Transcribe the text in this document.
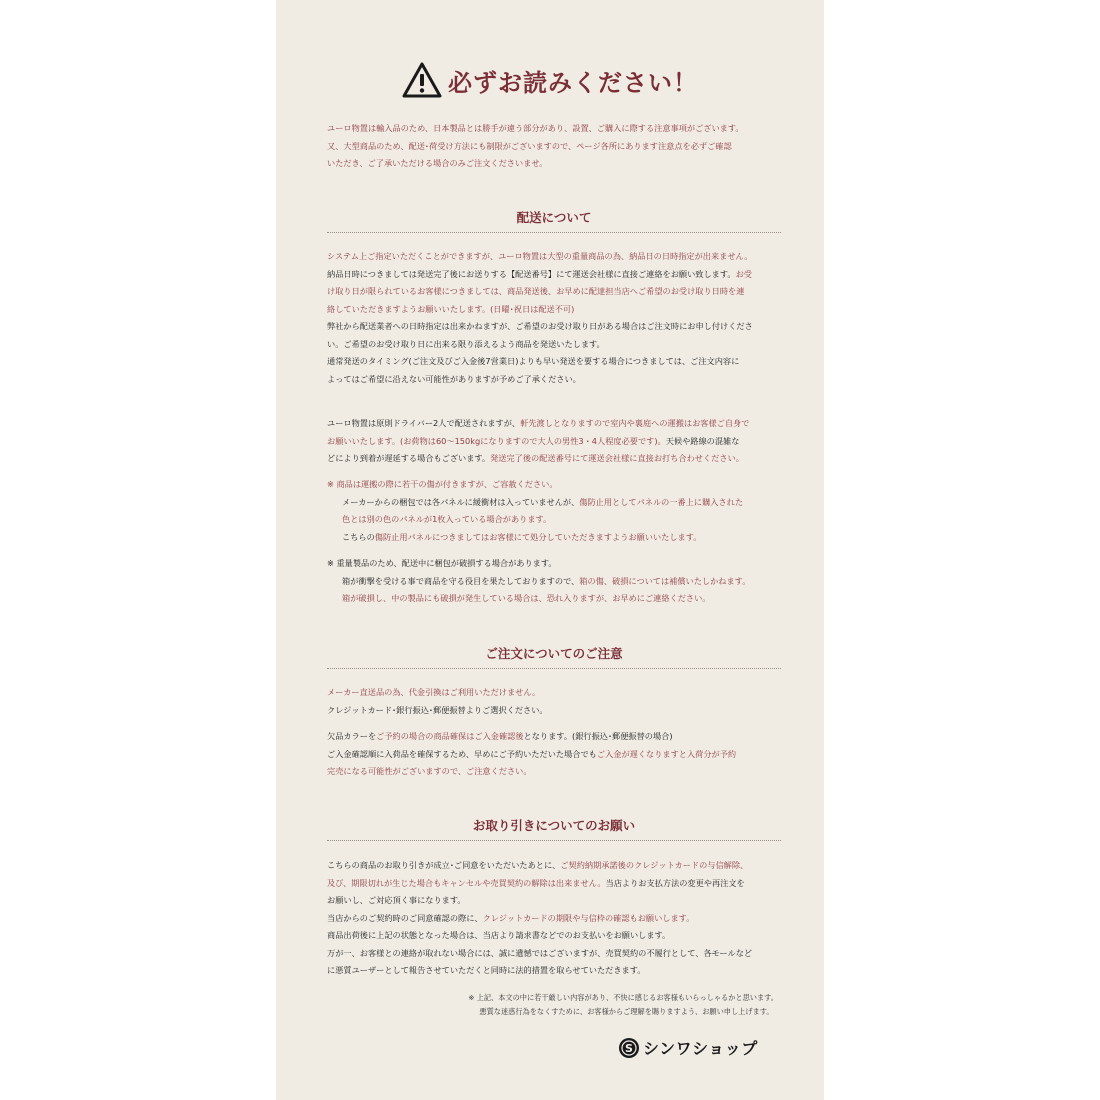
必ずお読みください！
ユーロ物置は輸入品のため、日本製品とは勝手が違う部分があり、設置、ご購入に際する注意事項がございます。
又、大型商品のため、配送･荷受け方法にも制限がございますので、ページ各所にあります注意点を必ずご確認
いただき、ご了承いただける場合のみご注文くださいませ。
配送について
システム上ご指定いただくことができますが、ユーロ物置は大型の重量商品の為、納品日の日時指定が出来ません。
納品日時につきましては発送完了後にお送りする【配送番号】にて運送会社様に直接ご連絡をお願い致します。お受
け取り日が限られているお客様につきましては、商品発送後、お早めに配達担当店へご希望のお受け取り日時を連
絡していただきますようお願いいたします。(日曜･祝日は配送不可)
弊社から配送業者への日時指定は出来かねますが、ご希望のお受け取り日がある場合はご注文時にお申し付けくださ
い。ご希望のお受け取り日に出来る限り添えるよう商品を発送いたします。
通常発送のタイミング(ご注文及びご入金後7営業日)よりも早い発送を要する場合につきましては、ご注文内容に
よってはご希望に沿えない可能性がありますが予めご了承ください。
ユーロ物置は原則ドライバー2人で配送されますが、軒先渡しとなりますので室内や裏庭への運搬はお客様ご自身で
お願いいたします。(お荷物は60～150kgになりますので大人の男性3・4人程度必要です)。天候や路線の混雑な
どにより到着が遅延する場合もございます。発送完了後の配送番号にて運送会社様に直接お打ち合わせください。
※ 商品は運搬の際に若干の傷が付きますが、ご容赦ください。
メーカーからの梱包では各パネルに緩衝材は入っていませんが、傷防止用としてパネルの一番上に購入された
色とは別の色のパネルが1枚入っている場合があります。
こちらの傷防止用パネルにつきましてはお客様にて処分していただきますようお願いいたします。
※ 重量製品のため、配送中に梱包が破損する場合があります。
箱が衝撃を受ける事で商品を守る役目を果たしておりますので、箱の傷、破損については補償いたしかねます。
箱が破損し、中の製品にも破損が発生している場合は、恐れ入りますが、お早めにご連絡ください。
ご注文についてのご注意
メーカー直送品の為、代金引換はご利用いただけません。
クレジットカード･銀行振込･郵便振替よりご選択ください。
欠品カラーをご予約の場合の商品確保はご入金確認後となります。(銀行振込･郵便振替の場合)
ご入金確認順に入荷品を確保するため、早めにご予約いただいた場合でもご入金が遅くなりますと入荷分が予約
完売になる可能性がございますので、ご注意ください。
お取り引きについてのお願い
こちらの商品のお取り引きが成立･ご同意をいただいたあとに、ご契約納期承諾後のクレジットカードの与信解除、
及び、期限切れが生じた場合もキャンセルや売買契約の解除は出来ません。当店よりお支払方法の変更や再注文を
お願いし、ご対応頂く事になります。
当店からのご契約時のご同意確認の際に、クレジットカードの期限や与信枠の確認もお願いします。
商品出荷後に上記の状態となった場合は、当店より請求書などでのお支払いをお願いします。
万が一、お客様との連絡が取れない場合には、誠に遺憾ではございますが、売買契約の不履行として、各モールなど
に悪質ユーザーとして報告させていただくと同時に法的措置を取らせていただきます。
※ 上記、本文の中に若干厳しい内容があり、不快に感じるお客様もいらっしゃるかと思います。
悪質な迷惑行為をなくすために、お客様からご理解を賜りますよう、お願い申し上げます。
S シンワショップ
